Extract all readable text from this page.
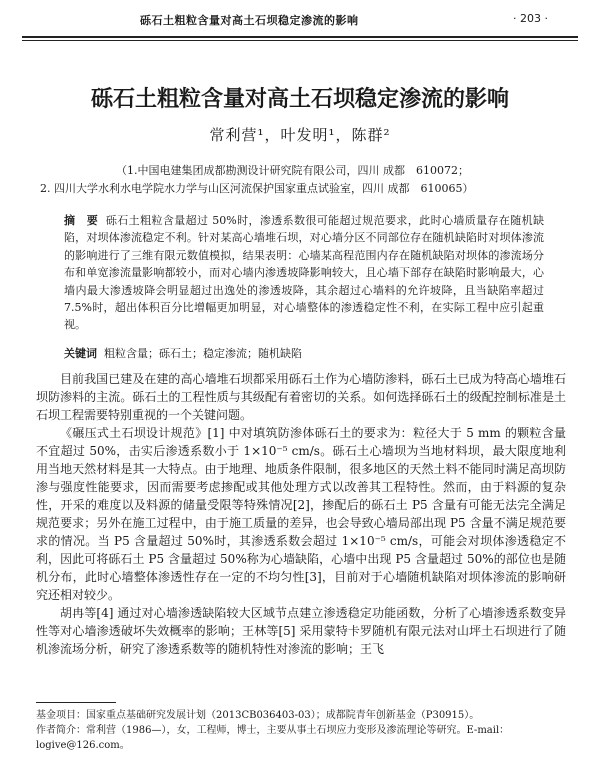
砾石土粗粒含量对高土石坝稳定渗流的影响	· 203 ·
砾石土粗粒含量对高土石坝稳定渗流的影响
常利营¹，叶发明¹，陈群²
（1.中国电建集团成都勘测设计研究院有限公司，四川 成都　610072；
2. 四川大学水利水电学院水力学与山区河流保护国家重点试验室，四川 成都　610065）
摘　要 砾石土粗粒含量超过 50%时，渗透系数很可能超过规范要求，此时心墙质量存在随机缺陷，对坝体渗流稳定不利。针对某高心墙堆石坝，对心墙分区不同部位存在随机缺陷时对坝体渗流的影响进行了三维有限元数值模拟，结果表明：心墙某高程范围内存在随机缺陷对坝体的渗流场分布和单宽渗流量影响都较小，而对心墙内渗透坡降影响较大，且心墙下部存在缺陷时影响最大，心墙内最大渗透坡降会明显超过出逸处的渗透坡降，其余超过心墙料的允许坡降，且当缺陷率超过 7.5%时，超出体积百分比增幅更加明显，对心墙整体的渗透稳定性不利，在实际工程中应引起重视。
关键词 粗粒含量；砾石土；稳定渗流；随机缺陷

目前我国已建及在建的高心墙堆石坝都采用砾石土作为心墙防渗料，砾石土已成为特高心墙堆石坝防渗料的主流。砾石土的工程性质与其级配有着密切的关系。如何选择砾石土的级配控制标准是土石坝工程需要特别重视的一个关键问题。

《碾压式土石坝设计规范》[1] 中对填筑防渗体砾石土的要求为：粒径大于 5 mm 的颗粒含量不宜超过 50%，击实后渗透系数小于 1×10⁻⁵ cm/s。砾石土心墙坝为当地材料坝，最大限度地利用当地天然材料是其一大特点。由于地理、地质条件限制，很多地区的天然土料不能同时满足高坝防渗与强度性能要求，因而需要考虑掺配或其他处理方式以改善其工程特性。然而，由于料源的复杂性，开采的难度以及料源的储量受限等特殊情况[2]，掺配后的砾石土 P5 含量有可能无法完全满足规范要求；另外在施工过程中，由于施工质量的差异，也会导致心墙局部出现 P5 含量不满足规范要求的情况。当 P5 含量超过 50%时，其渗透系数会超过 1×10⁻⁵ cm/s，可能会对坝体渗透稳定不利，因此可将砾石土 P5 含量超过 50%称为心墙缺陷，心墙中出现 P5 含量超过 50%的部位也是随机分布，此时心墙整体渗透性存在一定的不均匀性[3]，目前对于心墙随机缺陷对坝体渗流的影响研究还相对较少。

胡冉等[4] 通过对心墙渗透缺陷较大区域节点建立渗透稳定功能函数，分析了心墙渗透系数变异性等对心墙渗透破坏失效概率的影响；王林等[5] 采用蒙特卡罗随机有限元法对山坪土石坝进行了随机渗流场分析，研究了渗透系数等的随机特性对渗流的影响；王飞

基金项目：国家重点基础研究发展计划（2013CB036403-03）；成都院青年创新基金（P30915）。
作者简介：常利营（1986—），女，工程师，博士，主要从事土石坝应力变形及渗流理论等研究。E-mail：logive@126.com。
